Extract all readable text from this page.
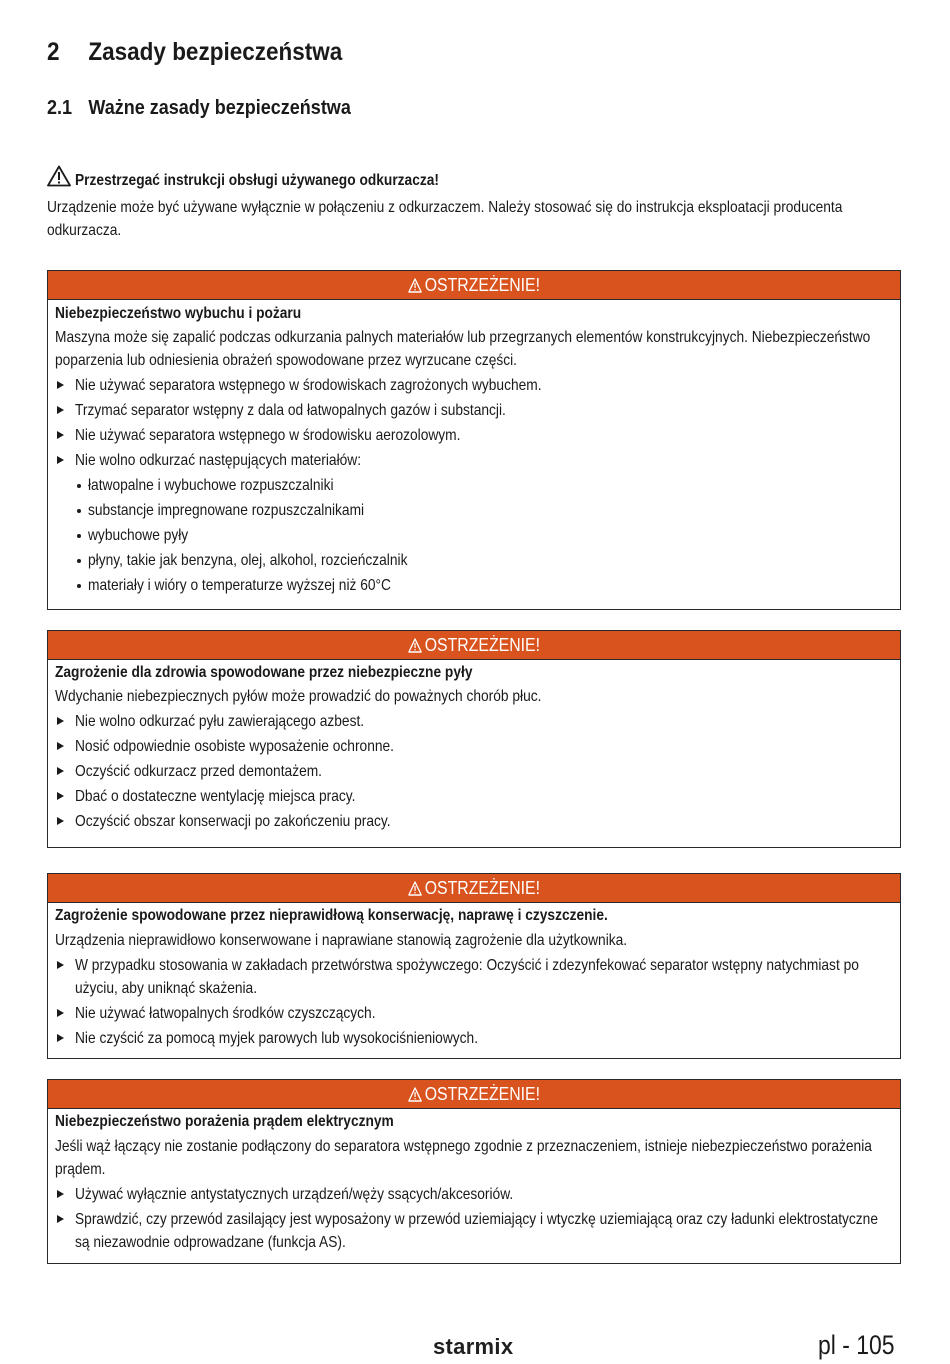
2 Zasady bezpieczeństwa
2.1 Ważne zasady bezpieczeństwa
Przestrzegać instrukcji obsługi używanego odkurzacza!
Urządzenie może być używane wyłącznie w połączeniu z odkurzaczem. Należy stosować się do instrukcja eksploatacji producenta
odkurzacza.
OSTRZEŻENIE!
Niebezpieczeństwo wybuchu i pożaru
Maszyna może się zapalić podczas odkurzania palnych materiałów lub przegrzanych elementów konstrukcyjnych. Niebezpieczeństwo
poparzenia lub odniesienia obrażeń spowodowane przez wyrzucane części.
Nie używać separatora wstępnego w środowiskach zagrożonych wybuchem.
Trzymać separator wstępny z dala od łatwopalnych gazów i substancji.
Nie używać separatora wstępnego w środowisku aerozolowym.
Nie wolno odkurzać następujących materiałów:
łatwopalne i wybuchowe rozpuszczalniki
substancje impregnowane rozpuszczalnikami
wybuchowe pyły
płyny, takie jak benzyna, olej, alkohol, rozcieńczalnik
materiały i wióry o temperaturze wyższej niż 60°C
OSTRZEŻENIE!
Zagrożenie dla zdrowia spowodowane przez niebezpieczne pyły
Wdychanie niebezpiecznych pyłów może prowadzić do poważnych chorób płuc.
Nie wolno odkurzać pyłu zawierającego azbest.
Nosić odpowiednie osobiste wyposażenie ochronne.
Oczyścić odkurzacz przed demontażem.
Dbać o dostateczne wentylację miejsca pracy.
Oczyścić obszar konserwacji po zakończeniu pracy.
OSTRZEŻENIE!
Zagrożenie spowodowane przez nieprawidłową konserwację, naprawę i czyszczenie.
Urządzenia nieprawidłowo konserwowane i naprawiane stanowią zagrożenie dla użytkownika.
W przypadku stosowania w zakładach przetwórstwa spożywczego: Oczyścić i zdezynfekować separator wstępny natychmiast po
użyciu, aby uniknąć skażenia.
Nie używać łatwopalnych środków czyszczących.
Nie czyścić za pomocą myjek parowych lub wysokociśnieniowych.
OSTRZEŻENIE!
Niebezpieczeństwo porażenia prądem elektrycznym
Jeśli wąż łączący nie zostanie podłączony do separatora wstępnego zgodnie z przeznaczeniem, istnieje niebezpieczeństwo porażenia
prądem.
Używać wyłącznie antystatycznych urządzeń/węży ssących/akcesoriów.
Sprawdzić, czy przewód zasilający jest wyposażony w przewód uziemiający i wtyczkę uziemiającą oraz czy ładunki elektrostatyczne
są niezawodnie odprowadzane (funkcja AS).
starmix	pl - 105
